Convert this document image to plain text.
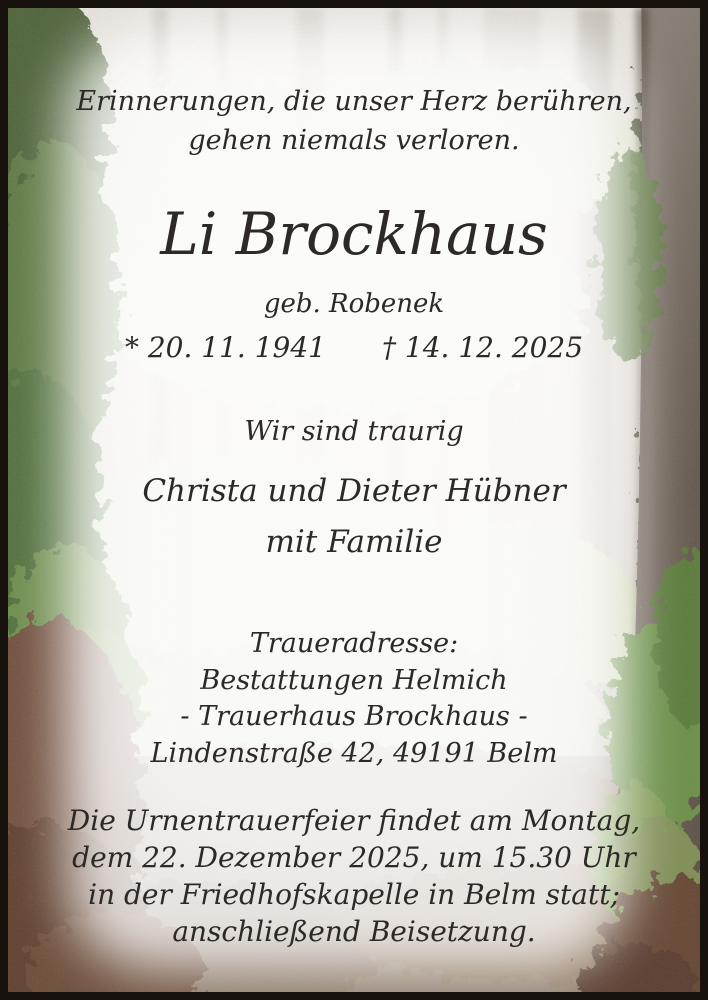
Erinnerungen, die unser Herz berühren,
gehen niemals verloren.
Li Brockhaus
geb. Robenek
* 20. 11. 1941 † 14. 12. 2025
Wir sind traurig
Christa und Dieter Hübner
mit Familie
Traueradresse:
Bestattungen Helmich
- Trauerhaus Brockhaus -
Lindenstraße 42, 49191 Belm
Die Urnentrauerfeier findet am Montag,
dem 22. Dezember 2025, um 15.30 Uhr
in der Friedhofskapelle in Belm statt;
anschließend Beisetzung.
